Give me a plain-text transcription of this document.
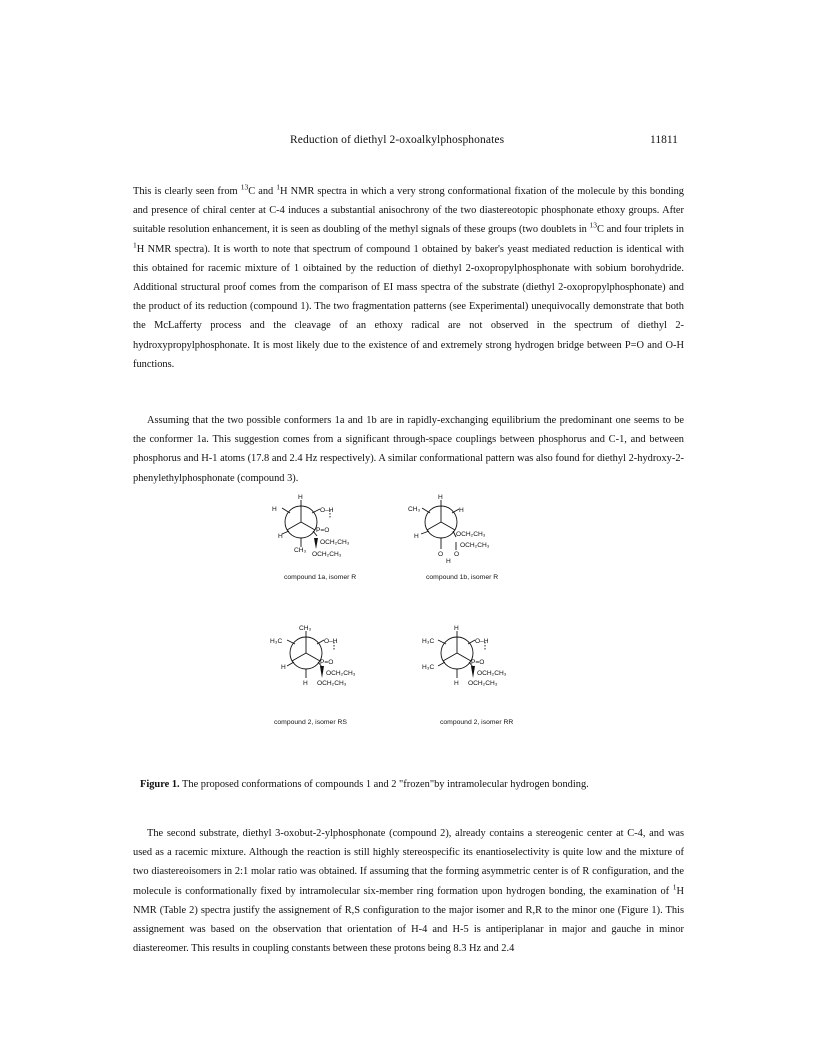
Reduction of diethyl 2-oxoalkylphosphonates	11811
This is clearly seen from $^{13}$C and $^1$H NMR spectra in which a very strong conformational fixation of the molecule by this bonding and presence of chiral center at C-4 induces a substantial anisochrony of the two diastereotopic phosphonate ethoxy groups. After suitable resolution enhancement, it is seen as doubling of the methyl signals of these groups (two doublets in $^{13}$C and four triplets in $^1$H NMR spectra). It is worth to note that spectrum of compound 1 obtained by baker's yeast mediated reduction is identical with this obtained for racemic mixture of 1 oibtained by the reduction of diethyl 2-oxopropylphosphonate with sobium borohydride. Additional structural proof comes from the comparison of EI mass spectra of the substrate (diethyl 2-oxopropylphosphonate) and the product of its reduction (compound 1). The two fragmentation patterns (see Experimental) unequivocally demonstrate that both the McLafferty process and the cleavage of an ethoxy radical are not observed in the spectrum of diethyl 2-hydroxypropylphosphonate. It is most likely due to the existence of and extremely strong hydrogen bridge between P=O and O-H functions.
Assuming that the two possible conformers 1a and 1b are in rapidly-exchanging equilibrium the predominant one seems to be the conformer 1a. This suggestion comes from a significant through-space couplings between phosphorus and C-1, and between phosphorus and H-1 atoms (17.8 and 2.4 Hz respectively). A similar conformational pattern was also found for diethyl 2-hydroxy-2-phenylethylphosphonate (compound 3).
H
H	O–H
H
P=O
OCH₂CH₃
CH₃
OCH₂CH₃
H
CH₃	H
H	OCH₂CH₃
OCH₂CH₃
O O
H
CH₃
H₃C	O–H
H
P=O
OCH₂CH₃
H OCH₂CH₃
H
H₃C	O–H
H₃C
P=O
OCH₂CH₃
H OCH₂CH₃
compound 1a, isomer R	compound 1b, isomer R
compound 2, isomer RS	compound 2, isomer RR
Figure 1. The proposed conformations of compounds 1 and 2 "frozen"by intramolecular hydrogen bonding.
The second substrate, diethyl 3-oxobut-2-ylphosphonate (compound 2), already contains a stereogenic center at C-4, and was used as a racemic mixture. Although the reaction is still highly stereospecific its enantioselectivity is quite low and the mixture of two diastereoisomers in 2:1 molar ratio was obtained. If assuming that the forming asymmetric center is of R configuration, and the molecule is conformationally fixed by intramolecular six-member ring formation upon hydrogen bonding, the examination of $^1$H NMR (Table 2) spectra justify the assignement of R,S configuration to the major isomer and R,R to the minor one (Figure 1). This assignement was based on the observation that orientation of H-4 and H-5 is antiperiplanar in major and gauche in minor diastereomer. This results in coupling constants between these protons being 8.3 Hz and 2.4
